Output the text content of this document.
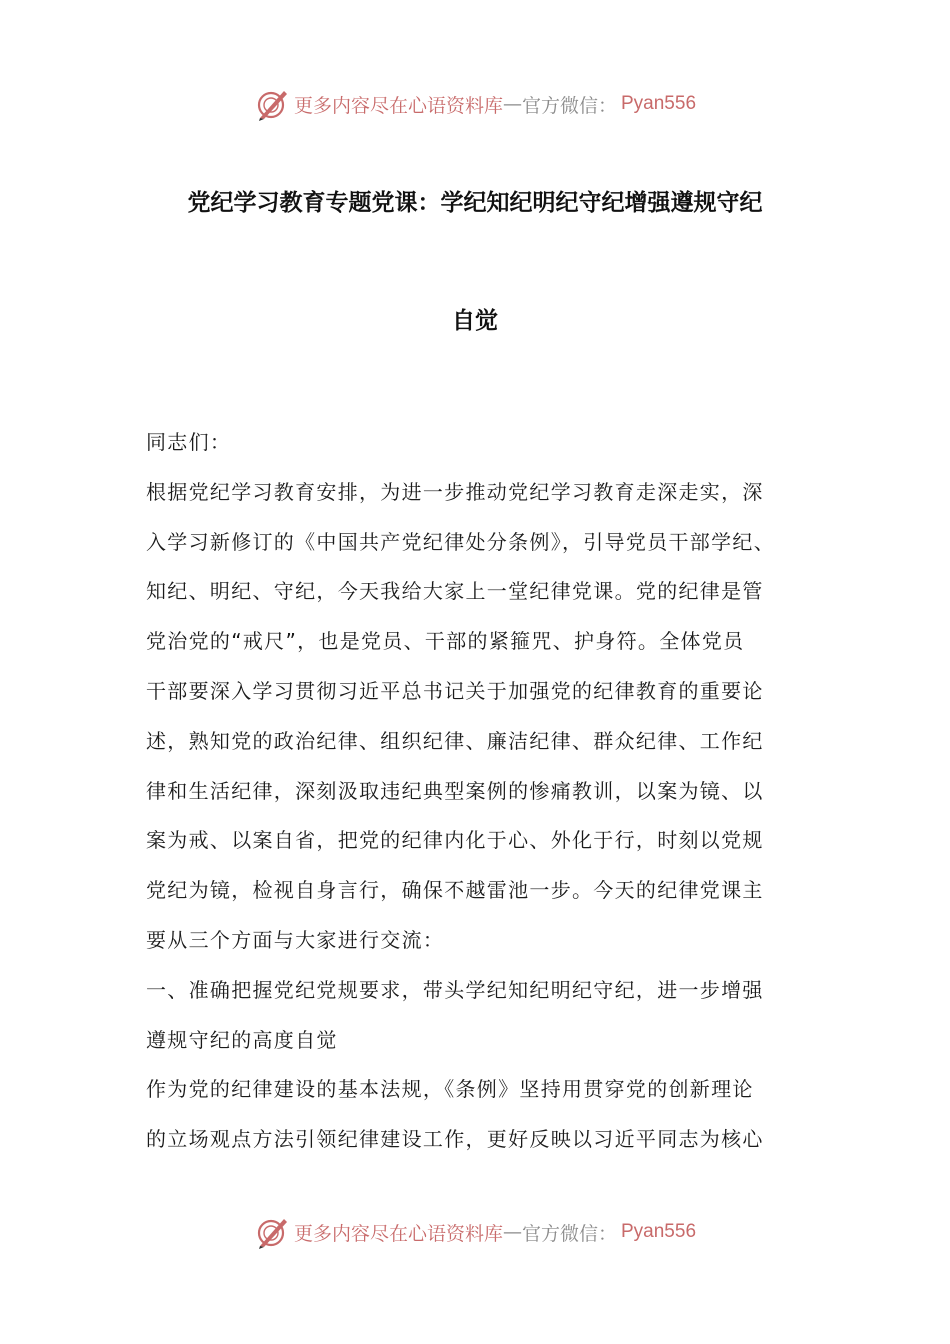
更多内容尽在心语资料库 — 官方微信： Pyan556
党纪学习教育专题党课：学纪知纪明纪守纪增强遵规守纪
自觉
同志们：
根据党纪学习教育安排，为进一步推动党纪学习教育走深走实，深
入学习新修订的《中国共产党纪律处分条例》，引导党员干部学纪、
知纪、明纪、守纪，今天我给大家上一堂纪律党课。党的纪律是管
党治党的“戒尺”，也是党员、干部的紧箍咒、护身符。全体党员
干部要深入学习贯彻习近平总书记关于加强党的纪律教育的重要论
述，熟知党的政治纪律、组织纪律、廉洁纪律、群众纪律、工作纪
律和生活纪律，深刻汲取违纪典型案例的惨痛教训，以案为镜、以
案为戒、以案自省，把党的纪律内化于心、外化于行，时刻以党规
党纪为镜，检视自身言行，确保不越雷池一步。今天的纪律党课主
要从三个方面与大家进行交流：
一、准确把握党纪党规要求，带头学纪知纪明纪守纪，进一步增强
遵规守纪的高度自觉
作为党的纪律建设的基本法规，《条例》坚持用贯穿党的创新理论
的立场观点方法引领纪律建设工作，更好反映以习近平同志为核心
更多内容尽在心语资料库 — 官方微信： Pyan556
